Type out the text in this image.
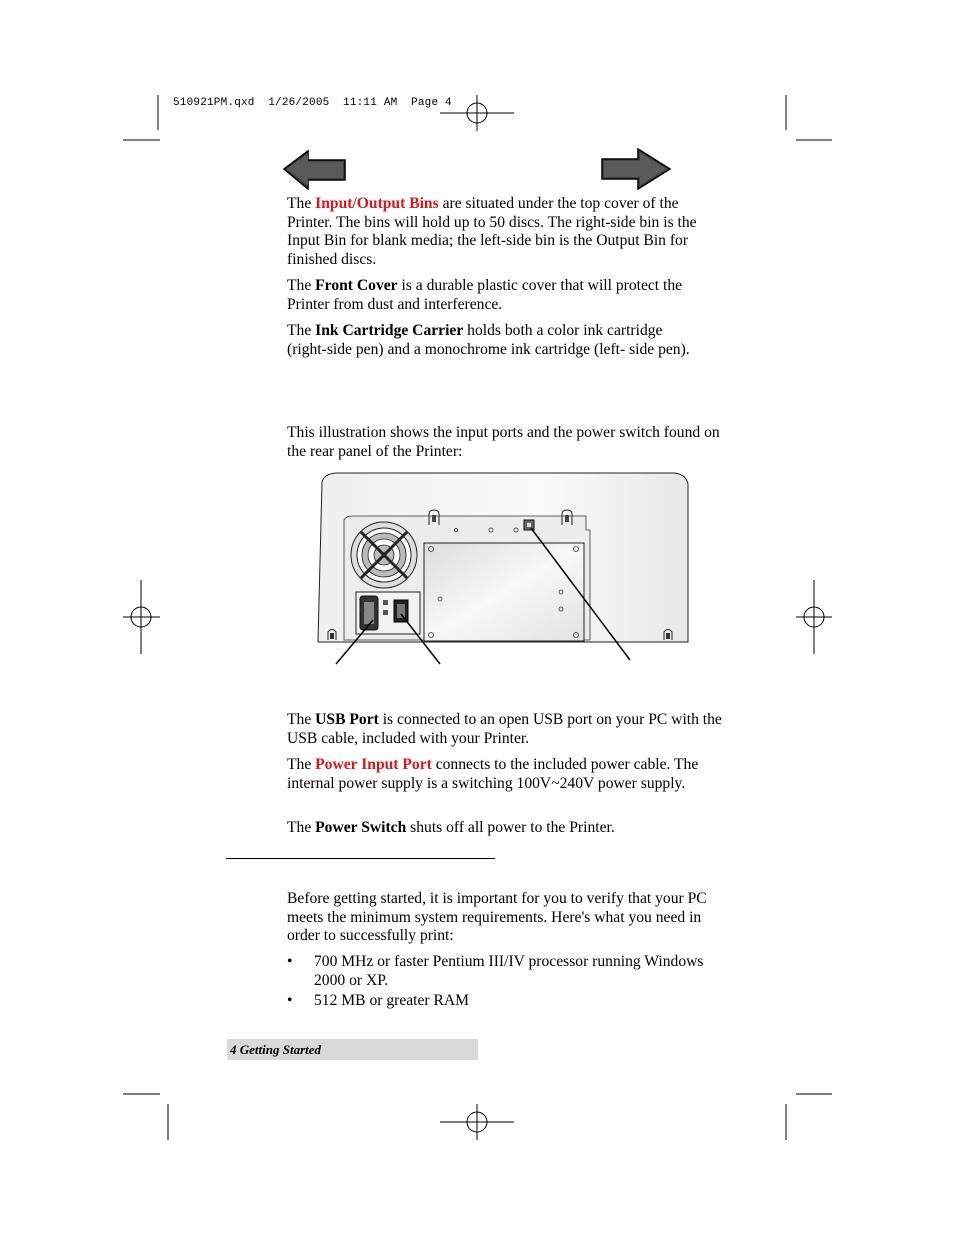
510921PM.qxd  1/26/2005  11:11 AM  Page 4

The Input/Output Bins are situated under the top cover of the Printer. The bins will hold up to 50 discs. The right-side bin is the Input Bin for blank media; the left-side bin is the Output Bin for finished discs.

The Front Cover is a durable plastic cover that will protect the Printer from dust and interference.

The Ink Cartridge Carrier holds both a color ink cartridge (right-side pen) and a monochrome ink cartridge (left- side pen).

This illustration shows the input ports and the power switch found on the rear panel of the Printer:

The USB Port is connected to an open USB port on your PC with the USB cable, included with your Printer.

The Power Input Port connects to the included power cable. The internal power supply is a switching 100V~240V power supply.

The Power Switch shuts off all power to the Printer.

Before getting started, it is important for you to verify that your PC meets the minimum system requirements. Here's what you need in order to successfully print:

• 700 MHz or faster Pentium III/IV processor running Windows 2000 or XP.

• 512 MB or greater RAM

4 Getting Started
